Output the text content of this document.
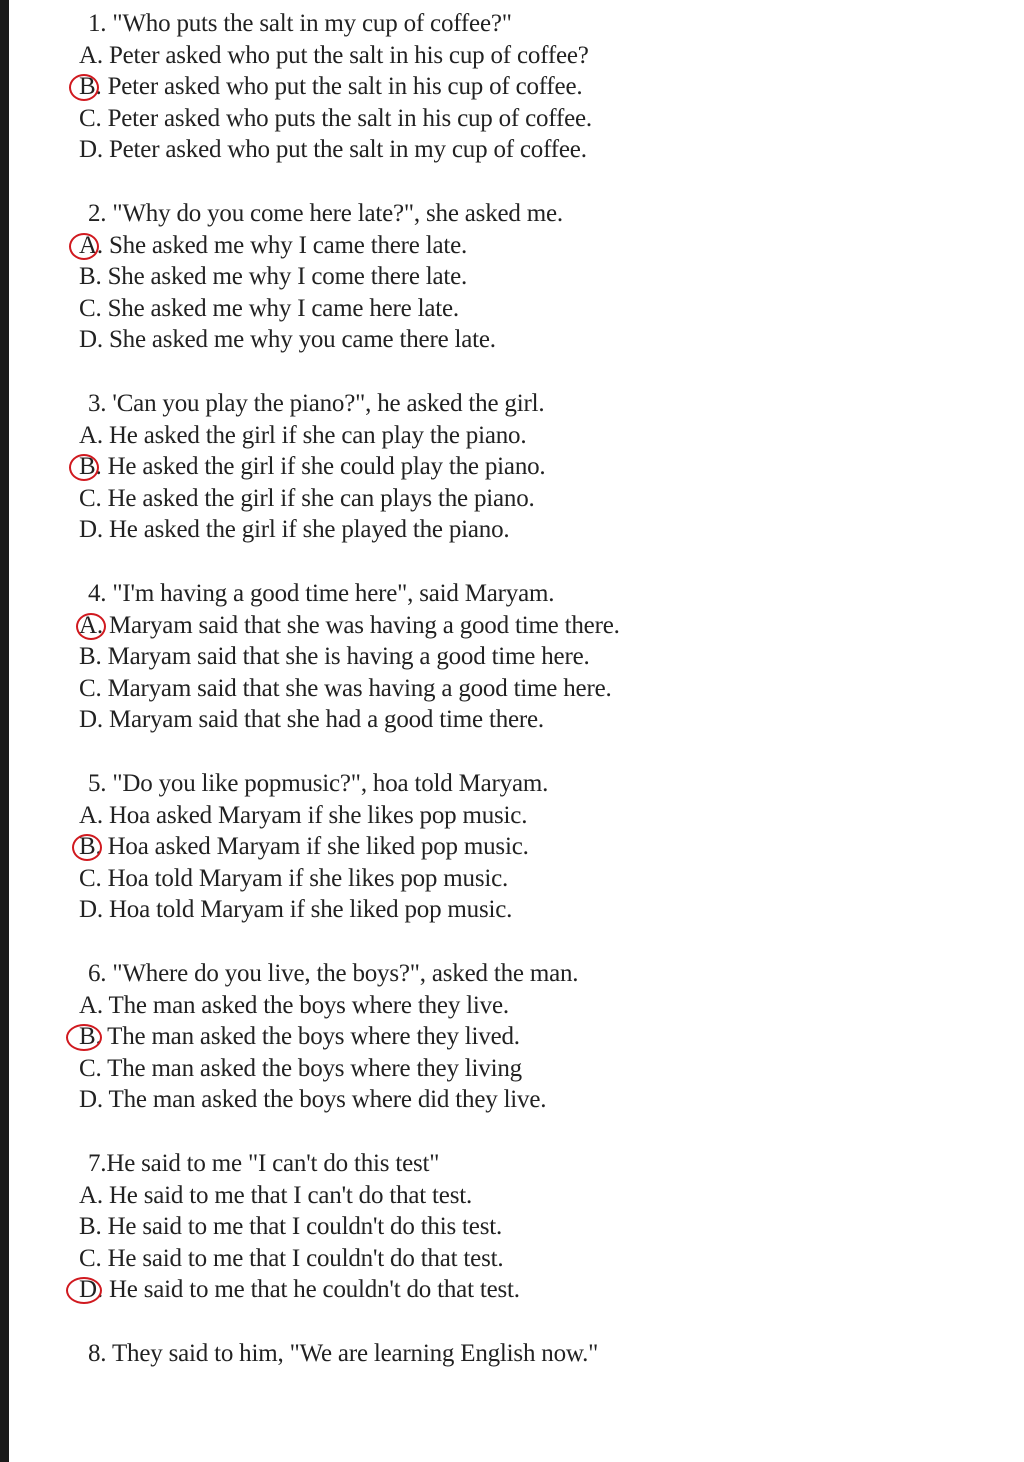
1. "Who puts the salt in my cup of coffee?"
A. Peter asked who put the salt in his cup of coffee?
B. Peter asked who put the salt in his cup of coffee.
C. Peter asked who puts the salt in his cup of coffee.
D. Peter asked who put the salt in my cup of coffee.
2. "Why do you come here late?", she asked me.
A. She asked me why I came there late.
B. She asked me why I come there late.
C. She asked me why I came here late.
D. She asked me why you came there late.
3. 'Can you play the piano?", he asked the girl.
A. He asked the girl if she can play the piano.
B. He asked the girl if she could play the piano.
C. He asked the girl if she can plays the piano.
D. He asked the girl if she played the piano.
4. "I'm having a good time here", said Maryam.
A. Maryam said that she was having a good time there.
B. Maryam said that she is having a good time here.
C. Maryam said that she was having a good time here.
D. Maryam said that she had a good time there.
5. "Do you like popmusic?", hoa told Maryam.
A. Hoa asked Maryam if she likes pop music.
B. Hoa asked Maryam if she liked pop music.
C. Hoa told Maryam if she likes pop music.
D. Hoa told Maryam if she liked pop music.
6. "Where do you live, the boys?", asked the man.
A. The man asked the boys where they live.
B. The man asked the boys where they lived.
C. The man asked the boys where they living
D. The man asked the boys where did they live.
7.He said to me "I can't do this test"
A. He said to me that I can't do that test.
B. He said to me that I couldn't do this test.
C. He said to me that I couldn't do that test.
D. He said to me that he couldn't do that test.
8. They said to him, "We are learning English now."
